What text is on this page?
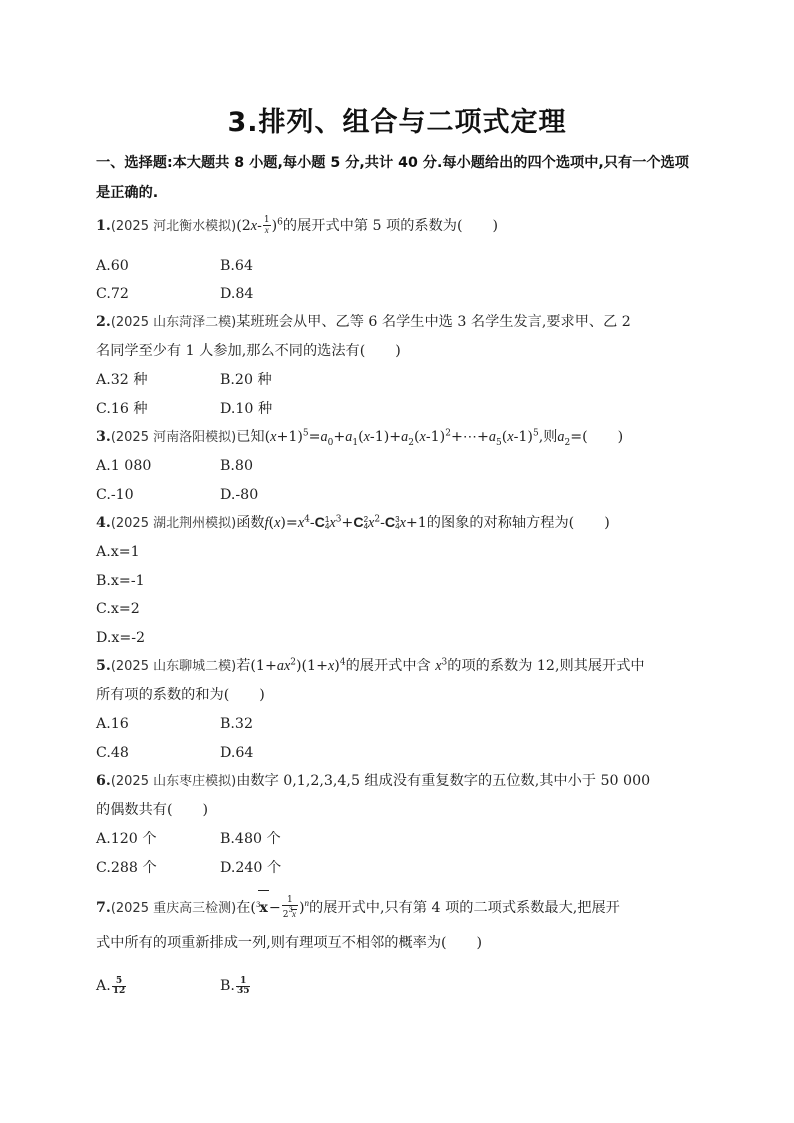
3.排列、组合与二项式定理
一、选择题:本大题共 8 小题,每小题 5 分,共计 40 分.每小题给出的四个选项中,只有一个选项是正确的.
1.(2025 河北衡水模拟)$(2x- \frac{1}{x} )^6$的展开式中第 5 项的系数为( )
A.60	B.64
C.72	D.84
2.(2025 山东菏泽二模)某班班会从甲、乙等 6 名学生中选 3 名学生发言,要求甲、乙 2
名同学至少有 1 人参加,那么不同的选法有( )
A.32 种	B.20 种
C.16 种	D.10 种
3.(2025 河南洛阳模拟)已知$(x+1)^5=a_0+a_1(x-1)+a_2(x-1)^2+\cdots+a_5(x-1)^5$,则$a_2=$( )
A.1 080	B.80
C.-10	D.-80
4.(2025 湖北荆州模拟)函数$f(x)=x^4-C$ 1
4 $x^3+C$ 2
4 $x^2-C$ 3
4 x+1的图象的对称轴方程为( )
A.x=1
B.x=-1
C.x=2
D.x=-2
5.(2025 山东聊城二模)若$(1+ax^2)(1+x)^4$的展开式中含 $x^3$的项的系数为 12,则其展开式中
所有项的系数的和为( )
A.16	B.32
C.48	D.64
6.(2025 山东枣庄模拟)由数字 0,1,2,3,4,5 组成没有重复数字的五位数,其中小于 50 000
的偶数共有( )
A.120 个	B.480 个
C.288 个	D.240 个
7.(2025 重庆高三检测)在$(^3x- \frac{1}{2^3x} )^n$的展开式中,只有第 4 项的二项式系数最大,把展开
式中所有的项重新排成一列,则有理项互不相邻的概率为( )
A. $\frac{5}{12}$	B. $\frac{1}{35}$
